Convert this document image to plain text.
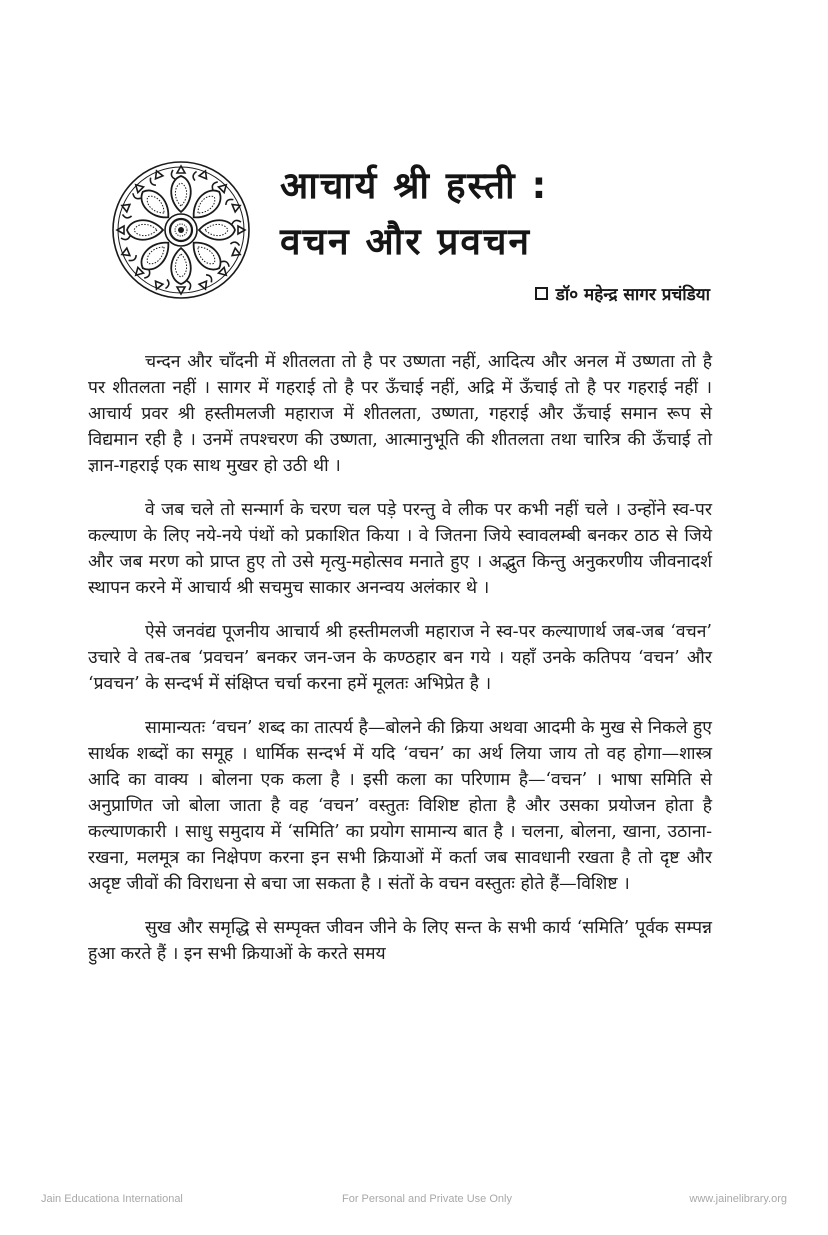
आचार्य श्री हस्ती :
वचन और प्रवचन
डॉ० महेन्द्र सागर प्रचंडिया

चन्दन और चाँदनी में शीतलता तो है पर उष्णता नहीं, आदित्य और अनल में उष्णता तो है पर शीतलता नहीं । सागर में गहराई तो है पर ऊँचाई नहीं, अद्रि में ऊँचाई तो है पर गहराई नहीं । आचार्य प्रवर श्री हस्तीमलजी महाराज में शीतलता, उष्णता, गहराई और ऊँचाई समान रूप से विद्यमान रही है । उनमें तपश्चरण की उष्णता, आत्मानुभूति की शीतलता तथा चारित्र की ऊँचाई तो ज्ञान-गहराई एक साथ मुखर हो उठी थी ।

वे जब चले तो सन्मार्ग के चरण चल पड़े परन्तु वे लीक पर कभी नहीं चले । उन्होंने स्व-पर कल्याण के लिए नये-नये पंथों को प्रकाशित किया । वे जितना जिये स्वावलम्बी बनकर ठाठ से जिये और जब मरण को प्राप्त हुए तो उसे मृत्यु-महोत्सव मनाते हुए । अद्भुत किन्तु अनुकरणीय जीवनादर्श स्थापन करने में आचार्य श्री सचमुच साकार अनन्वय अलंकार थे ।

ऐसे जनवंद्य पूजनीय आचार्य श्री हस्तीमलजी महाराज ने स्व-पर कल्याणार्थ जब-जब ‘वचन’ उचारे वे तब-तब ‘प्रवचन’ बनकर जन-जन के कण्ठहार बन गये । यहाँ उनके कतिपय ‘वचन’ और ‘प्रवचन’ के सन्दर्भ में संक्षिप्त चर्चा करना हमें मूलतः अभिप्रेत है ।

सामान्यतः ‘वचन’ शब्द का तात्पर्य है—बोलने की क्रिया अथवा आदमी के मुख से निकले हुए सार्थक शब्दों का समूह । धार्मिक सन्दर्भ में यदि ‘वचन’ का अर्थ लिया जाय तो वह होगा—शास्त्र आदि का वाक्य । बोलना एक कला है । इसी कला का परिणाम है—‘वचन’ । भाषा समिति से अनुप्राणित जो बोला जाता है वह ‘वचन’ वस्तुतः विशिष्ट होता है और उसका प्रयोजन होता है कल्याणकारी । साधु समुदाय में ‘समिति’ का प्रयोग सामान्य बात है । चलना, बोलना, खाना, उठाना-रखना, मलमूत्र का निक्षेपण करना इन सभी क्रियाओं में कर्ता जब सावधानी रखता है तो दृष्ट और अदृष्ट जीवों की विराधना से बचा जा सकता है । संतों के वचन वस्तुतः होते हैं—विशिष्ट ।

सुख और समृद्धि से सम्पृक्त जीवन जीने के लिए सन्त के सभी कार्य ‘समिति’ पूर्वक सम्पन्न हुआ करते हैं । इन सभी क्रियाओं के करते समय

Jain Educationa International	For Personal and Private Use Only	www.jainelibrary.org
